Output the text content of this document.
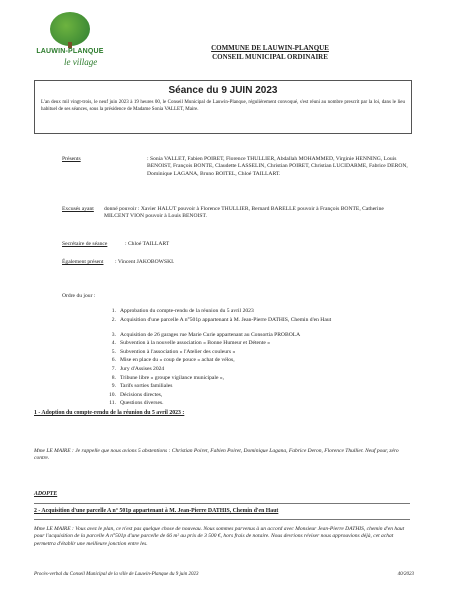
LAUWIN-PLANQUE
le village
COMMUNE DE LAUWIN-PLANQUE
CONSEIL MUNICIPAL ORDINAIRE
Séance du 9 JUIN 2023
L'an deux mil vingt-trois, le neuf juin 2023 à 19 heures 00, le Conseil Municipal de Lauwin-Planque, régulièrement convoqué, s'est réuni au nombre prescrit par la loi, dans le lieu habituel de ses séances, sous la présidence de Madame Sonia VALLET, Maire.
Présents	: Sonia VALLET, Fabien POIRET, Florence THULLIER, Abdallah MOHAMMED, Virginie HENNING, Louis BENOIST, François BONTE, Claudette LASSELIN, Christian POIRET, Christian LUCIDARME, Fabrice DERON, Dominique LAGANA, Bruno BOITEL, Chloé TAILLART.
Excusés ayant donné pouvoir : Xavier HALUT pouvoir à Florence THULLIER, Bernard BARELLE pouvoir à François BONTE, Catherine MILCENT VION pouvoir à Louis BENOIST.
Secrétaire de séance	: Chloé TAILLART
Également présent : Vincent JAKOBOWSKI.
Ordre du jour :
1. Approbation du compte-rendu de la réunion du 5 avril 2023
2. Acquisition d'une parcelle A n°501p appartenant à M. Jean-Pierre DATHIS, Chemin d'en Haut
3. Acquisition de 26 garages rue Marie Curie appartenant au Consortia PROBOLA
4. Subvention à la nouvelle association « Bonne Humeur et Détente »
5. Subvention à l'association « l'Atelier des couleurs »
6. Mise en place du « coup de pouce » achat de vélos,
7. Jury d'Assises 2024
8. Tribune libre « groupe vigilance municipale »,
9. Tarifs sorties familiales
10. Décisions directes,
11. Questions diverses.
1 - Adoption du compte-rendu de la réunion du 5 avril 2023 :
Mme LE MAIRE : Je rappelle que nous avions 5 abstentions : Christian Poiret, Fabien Poiret, Dominique Lagana, Fabrice Deron, Florence Thullier. Neuf pour, zéro contre.
ADOPTE
2 - Acquisition d'une parcelle A n° 501p appartenant à M. Jean-Pierre DATHIS, Chemin d'en Haut
Mme LE MAIRE : Vous avez le plan, ce n'est pas quelque chose de nouveau. Nous sommes parvenus à un accord avec Monsieur Jean-Pierre DATHIS, chemin d'en haut pour l'acquisition de la parcelle A n°501p d'une parcelle de 66 m² au prix de 3 500 €, hors frais de notaire. Nous devrions réviser nous approuvions déjà, cet achat permettra d'établir une meilleure jonction entre les.
Procès-verbal du Conseil Municipal de la ville de Lauwin-Planque du 9 juin 2023	40/2023
